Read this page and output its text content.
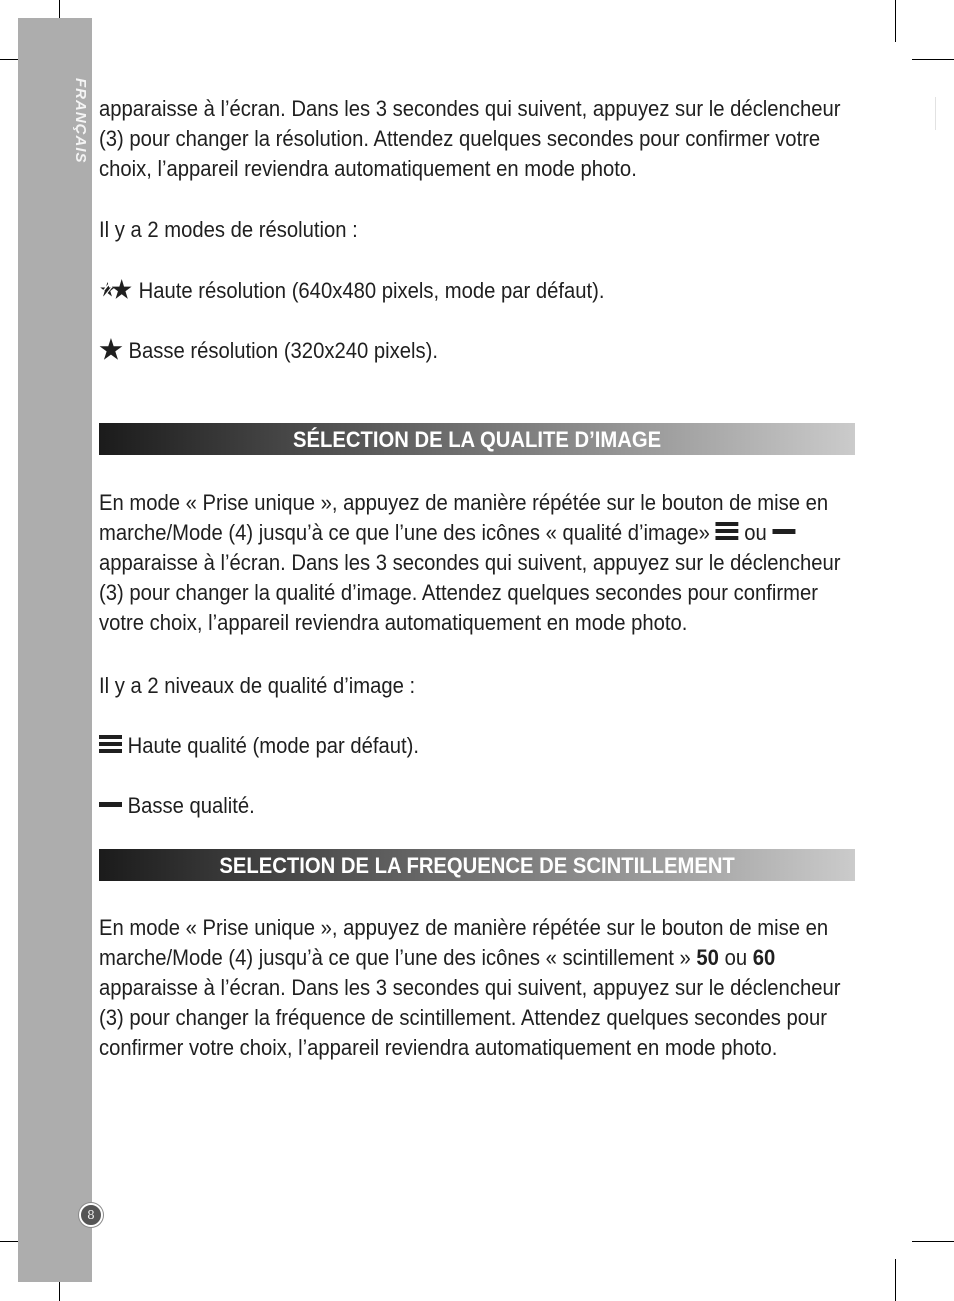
FRANÇAIS
8
apparaisse à l’écran. Dans les 3 secondes qui suivent, appuyez sur le déclencheur
(3) pour changer la résolution. Attendez quelques secondes pour confirmer votre
choix, l’appareil reviendra automatiquement en mode photo.
Il y a 2 modes de résolution :
Haute résolution (640x480 pixels, mode par défaut).
Basse résolution (320x240 pixels).
SÉLECTION DE LA QUALITE D’IMAGE
En mode « Prise unique », appuyez de manière répétée sur le bouton de mise en
marche/Mode (4) jusqu’à ce que l’une des icônes « qualité d’image» ou
apparaisse à l’écran. Dans les 3 secondes qui suivent, appuyez sur le déclencheur
(3) pour changer la qualité d’image. Attendez quelques secondes pour confirmer
votre choix, l’appareil reviendra automatiquement en mode photo.
Il y a 2 niveaux de qualité d’image :
Haute qualité (mode par défaut).
Basse qualité.
SELECTION DE LA FREQUENCE DE SCINTILLEMENT
En mode « Prise unique », appuyez de manière répétée sur le bouton de mise en
marche/Mode (4) jusqu’à ce que l’une des icônes « scintillement » 50 ou 60
apparaisse à l’écran. Dans les 3 secondes qui suivent, appuyez sur le déclencheur
(3) pour changer la fréquence de scintillement. Attendez quelques secondes pour
confirmer votre choix, l’appareil reviendra automatiquement en mode photo.
